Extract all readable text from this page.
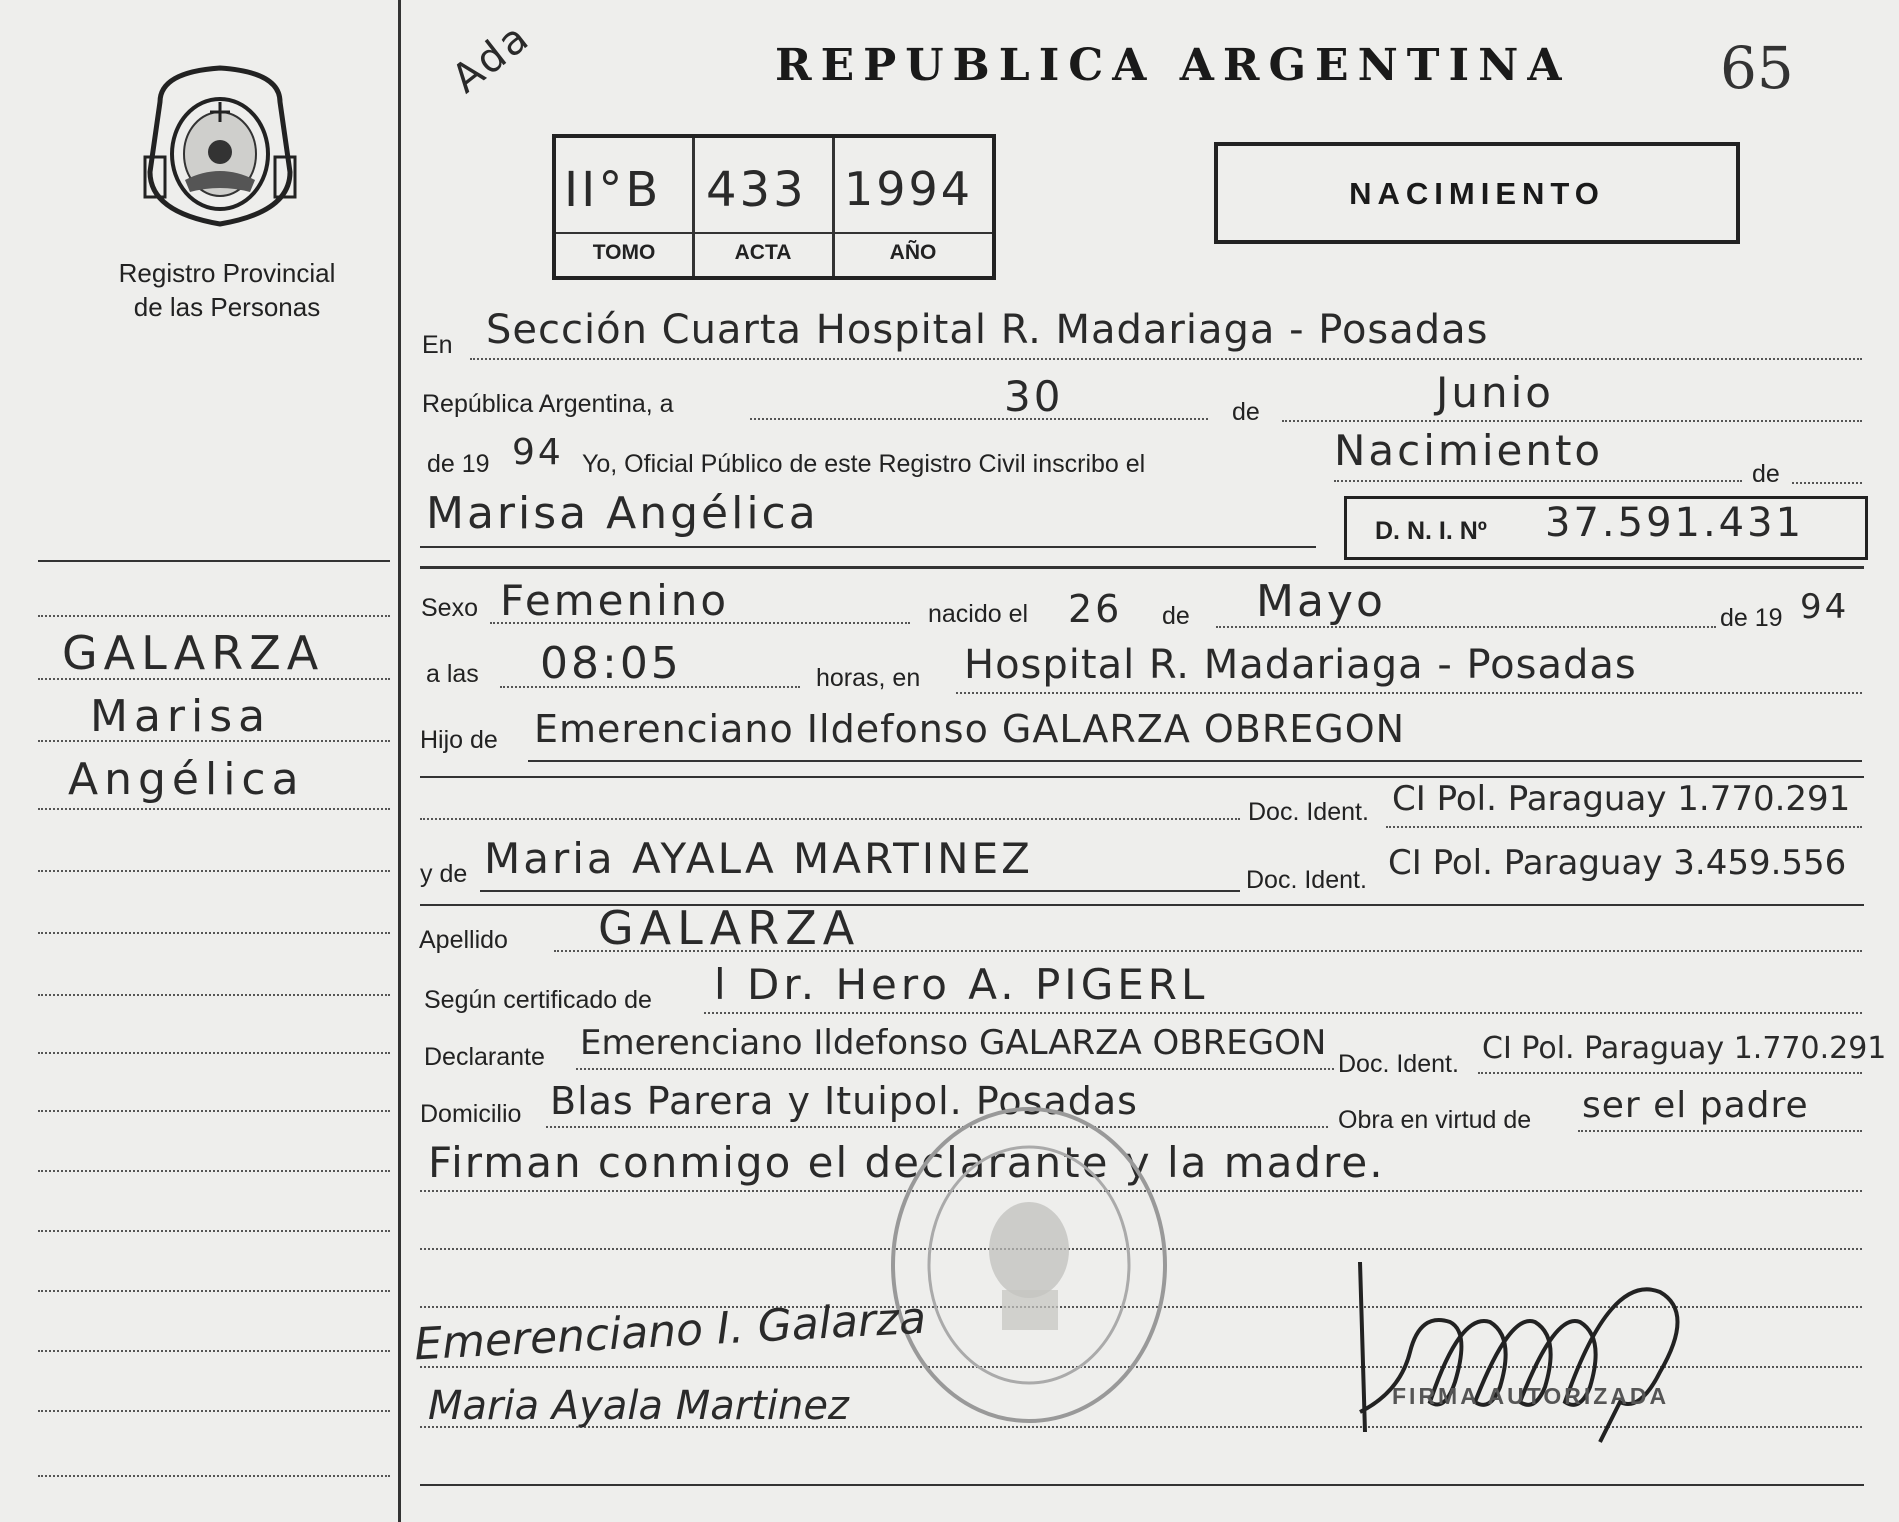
Registro Provincial
de las Personas
GALARZA
Marisa
Angélica
Ada	REPUBLICA ARGENTINA	65
II°B 433 1994
TOMO	ACTA	AÑO
NACIMIENTO
En Sección Cuarta Hospital R. Madariaga - Posadas
República Argentina, a	30	de	Junio
de 19 94 Yo, Oficial Público de este Registro Civil inscribo el	Nacimiento	de
Marisa Angélica	D. N. I. Nº 37.591.431
Sexo Femenino	nacido el 26 de Mayo	de 19 94
a las 08:05	horas, en Hospital R. Madariaga - Posadas
Hijo de Emerenciano Ildefonso GALARZA OBREGON
Doc. Ident. CI Pol. Paraguay 1.770.291
y de Maria AYALA MARTINEZ	Doc. Ident. CI Pol. Paraguay 3.459.556
Apellido GALARZA
Según certificado de l Dr. Hero A. PIGERL
Declarante Emerenciano Ildefonso GALARZA OBREGON
Doc. Ident. CI Pol. Paraguay 1.770.291
Domicilio Blas Parera y Ituipol. Posadas	Obra en virtud de ser el padre
Firman conmigo el declarante y la madre.
Emerenciano I. Galarza
Maria Ayala Martinez	FIRMA AUTORIZADA
